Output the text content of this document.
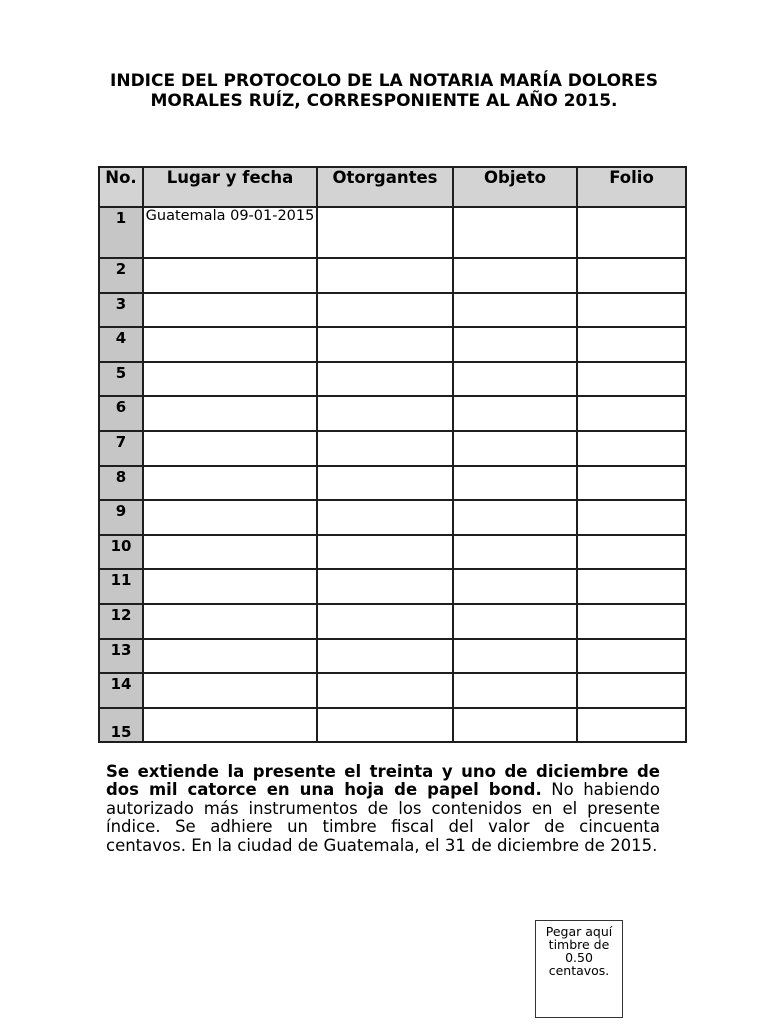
INDICE DEL PROTOCOLO DE LA NOTARIA MARÍA DOLORES MORALES RUÍZ, CORRESPONIENTE AL AÑO 2015.
No.	Lugar y fecha	Otorgantes	Objeto	Folio

1	Guatemala 09-01-2015			

2				

3				

4				

5				

6				

7				

8				

9				

10				

11				

12				

13				

14				

15				

Se extiende la presente el treinta y uno de diciembre de dos mil catorce en una hoja de papel bond. No habiendo autorizado más instrumentos de los contenidos en el presente índice. Se adhiere un timbre fiscal del valor de cincuenta centavos. En la ciudad de Guatemala, el 31 de diciembre de 2015.
Pegar aquí timbre de 0.50 centavos.
